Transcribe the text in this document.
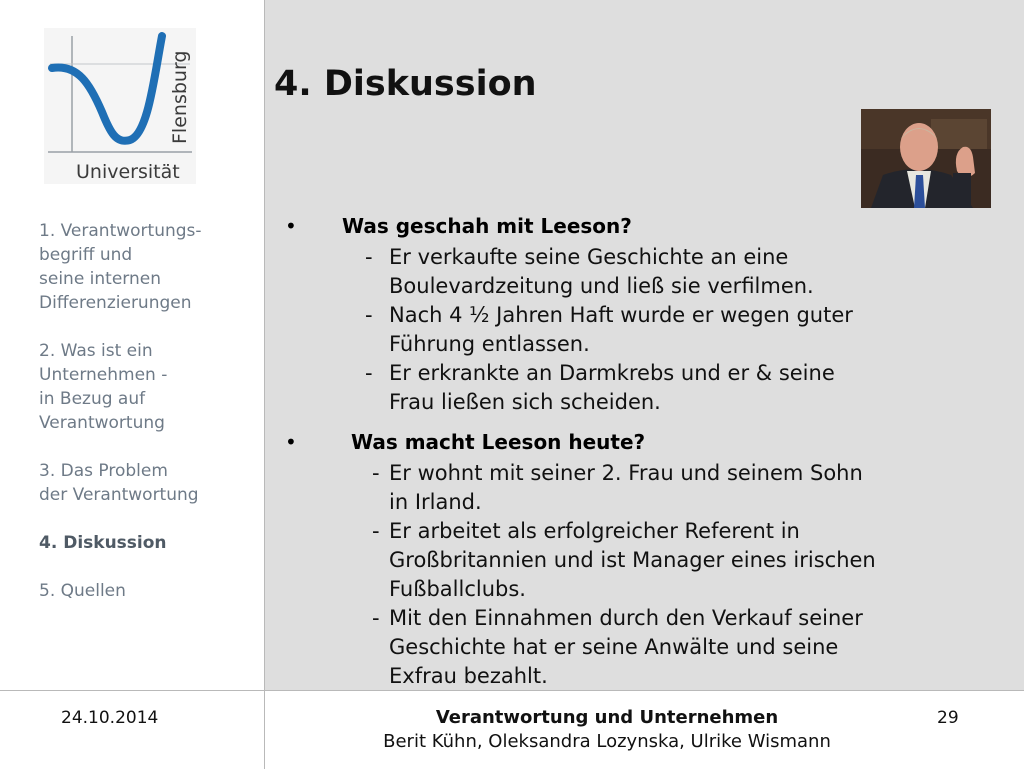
Flensburg
Universität
1. Verantwortungs-
begriff und
seine internen
Differenzierungen
2. Was ist ein
Unternehmen -
in Bezug auf
Verantwortung
3. Das Problem
der Verantwortung
4. Diskussion
5. Quellen
4. Diskussion
• Was geschah mit Leeson?
- Er verkaufte seine Geschichte an eine
Boulevardzeitung und ließ sie verfilmen.
- Nach 4 ½ Jahren Haft wurde er wegen guter
Führung entlassen.
- Er erkrankte an Darmkrebs und er & seine
Frau ließen sich scheiden.
•	Was macht Leeson heute?
- Er wohnt mit seiner 2. Frau und seinem Sohn
in Irland.
- Er arbeitet als erfolgreicher Referent in
Großbritannien und ist Manager eines irischen
Fußballclubs.
- Mit den Einnahmen durch den Verkauf seiner
Geschichte hat er seine Anwälte und seine
Exfrau bezahlt.
24.10.2014	Verantwortung und Unternehmen
Berit Kühn, Oleksandra Lozynska, Ulrike Wismann
29
